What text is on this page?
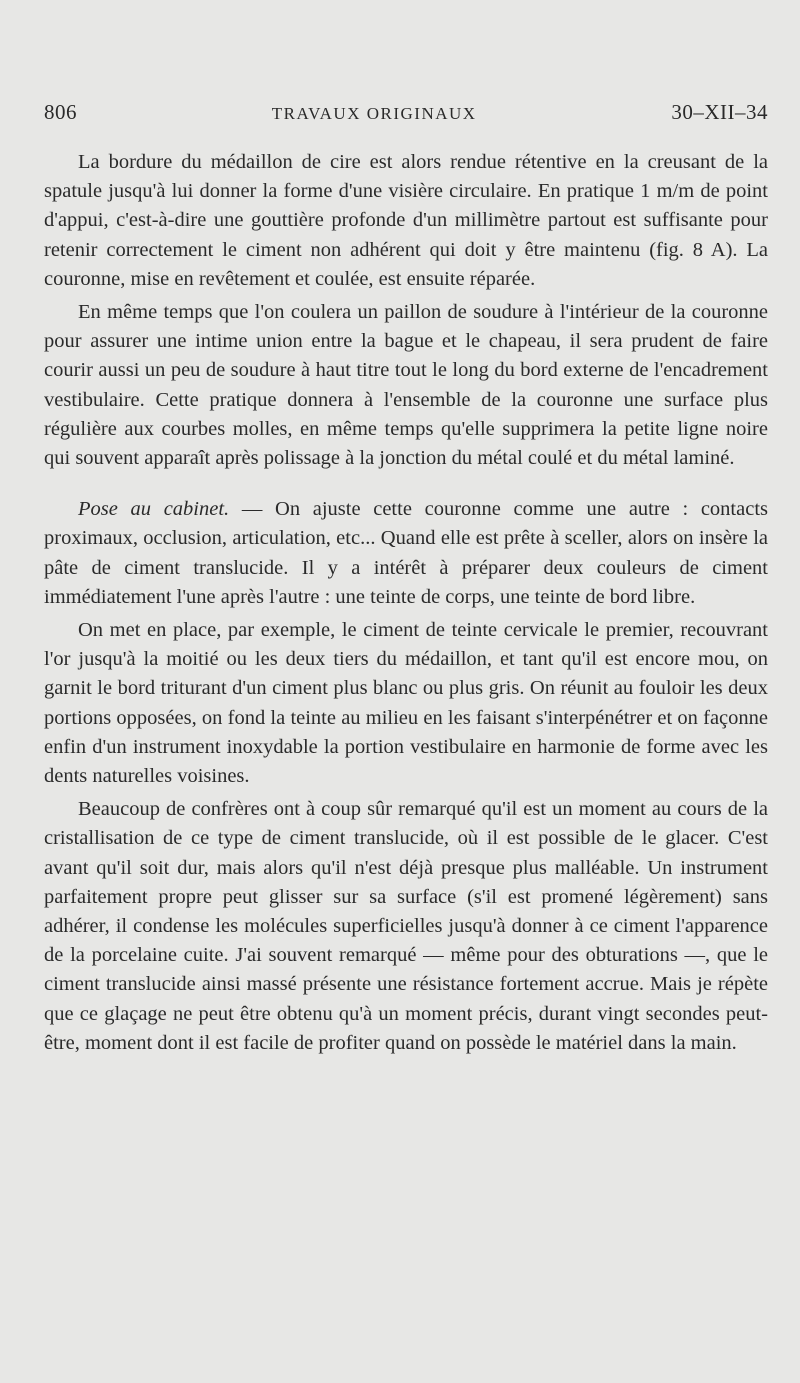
806	TRAVAUX ORIGINAUX	30–XII–34

La bordure du médaillon de cire est alors rendue rétentive en la creusant de la spatule jusqu'à lui donner la forme d'une visière circulaire. En pratique 1 m/m de point d'appui, c'est-à-dire une gouttière profonde d'un millimètre partout est suffisante pour retenir correctement le ciment non adhérent qui doit y être maintenu (fig. 8 A). La couronne, mise en revêtement et coulée, est ensuite réparée.

En même temps que l'on coulera un paillon de soudure à l'intérieur de la couronne pour assurer une intime union entre la bague et le chapeau, il sera prudent de faire courir aussi un peu de soudure à haut titre tout le long du bord externe de l'encadrement vestibulaire. Cette pratique donnera à l'ensemble de la couronne une surface plus régulière aux courbes molles, en même temps qu'elle supprimera la petite ligne noire qui souvent apparaît après polissage à la jonction du métal coulé et du métal laminé.

Pose au cabinet. — On ajuste cette couronne comme une autre : contacts proximaux, occlusion, articulation, etc... Quand elle est prête à sceller, alors on insère la pâte de ciment translucide. Il y a intérêt à préparer deux couleurs de ciment immédiatement l'une après l'autre : une teinte de corps, une teinte de bord libre.

On met en place, par exemple, le ciment de teinte cervicale le premier, recouvrant l'or jusqu'à la moitié ou les deux tiers du médaillon, et tant qu'il est encore mou, on garnit le bord triturant d'un ciment plus blanc ou plus gris. On réunit au fouloir les deux portions opposées, on fond la teinte au milieu en les faisant s'interpénétrer et on façonne enfin d'un instrument inoxydable la portion vestibulaire en harmonie de forme avec les dents naturelles voisines.

Beaucoup de confrères ont à coup sûr remarqué qu'il est un moment au cours de la cristallisation de ce type de ciment translucide, où il est possible de le glacer. C'est avant qu'il soit dur, mais alors qu'il n'est déjà presque plus malléable. Un instrument parfaitement propre peut glisser sur sa surface (s'il est promené légèrement) sans adhérer, il condense les molécules superficielles jusqu'à donner à ce ciment l'apparence de la porcelaine cuite. J'ai souvent remarqué — même pour des obturations —, que le ciment translucide ainsi massé présente une résistance fortement accrue. Mais je répète que ce glaçage ne peut être obtenu qu'à un moment précis, durant vingt secondes peut-être, moment dont il est facile de profiter quand on possède le matériel dans la main.
